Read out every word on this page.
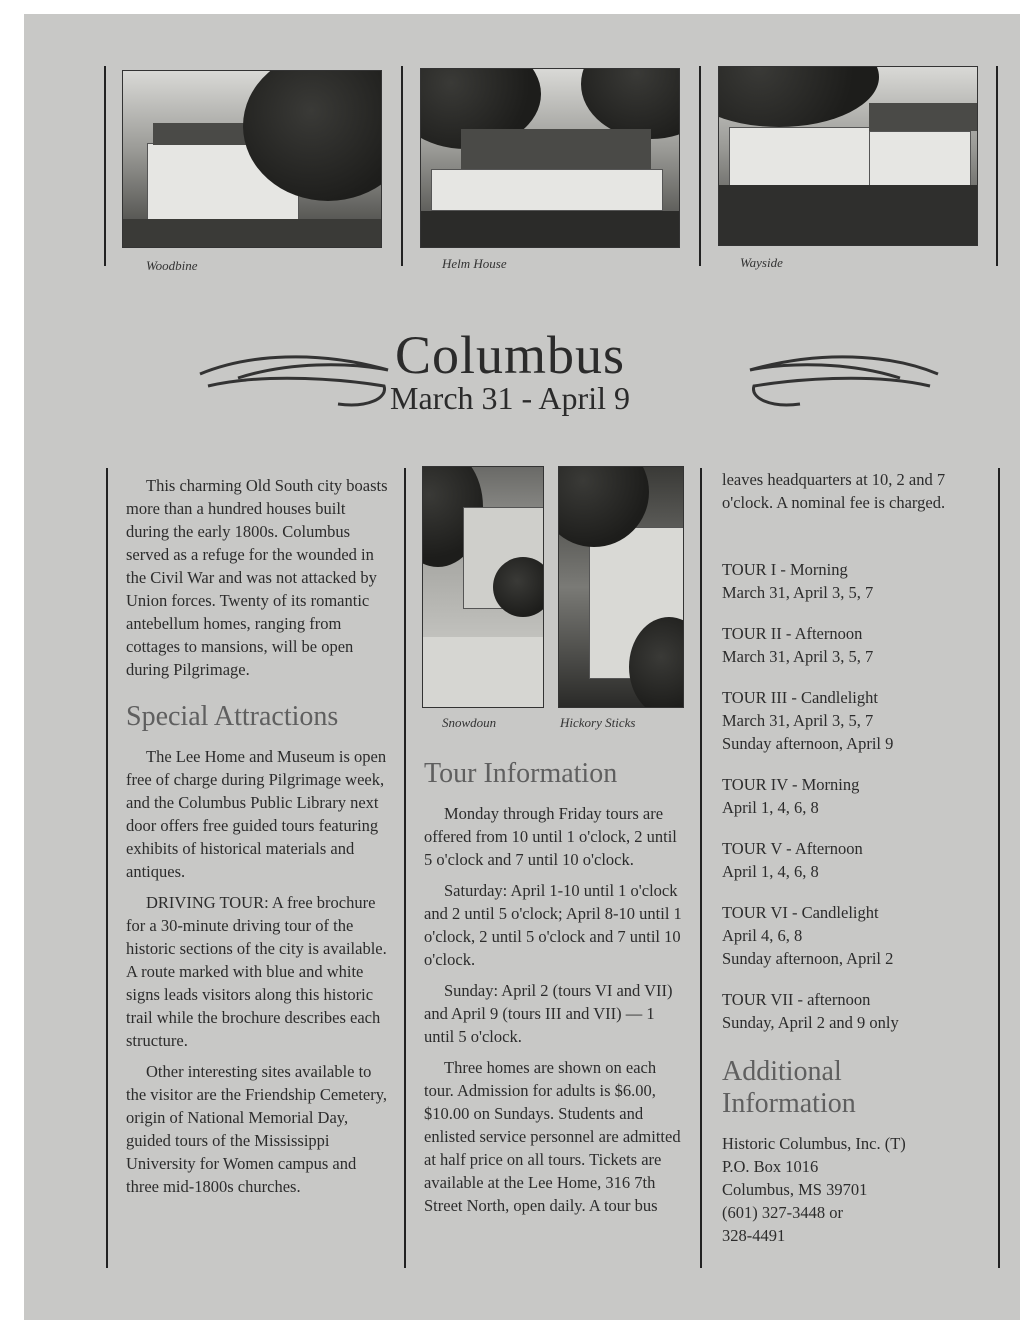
Woodbine	Helm House	Wayside
Columbus
March 31 - April 9

This charming Old South city boasts more than a hundred houses built during the early 1800s. Columbus served as a refuge for the wounded in the Civil War and was not attacked by Union forces. Twenty of its romantic antebellum homes, ranging from cottages to mansions, will be open during Pilgrimage.

Special Attractions

The Lee Home and Museum is open free of charge during Pilgrimage week, and the Columbus Public Library next door offers free guided tours featuring exhibits of historical materials and antiques.

DRIVING TOUR: A free brochure for a 30-minute driving tour of the historic sections of the city is available. A route marked with blue and white signs leads visitors along this historic trail while the brochure describes each structure.

Other interesting sites available to the visitor are the Friendship Cemetery, origin of National Memorial Day, guided tours of the Mississippi University for Women campus and three mid-1800s churches.

Snowdoun	Hickory Sticks
Tour Information

Monday through Friday tours are offered from 10 until 1 o'clock, 2 until 5 o'clock and 7 until 10 o'clock.

Saturday: April 1-10 until 1 o'clock and 2 until 5 o'clock; April 8-10 until 1 o'clock, 2 until 5 o'clock and 7 until 10 o'clock.

Sunday: April 2 (tours VI and VII) and April 9 (tours III and VII) — 1 until 5 o'clock.

Three homes are shown on each tour. Admission for adults is $6.00, $10.00 on Sundays. Students and enlisted service personnel are admitted at half price on all tours. Tickets are available at the Lee Home, 316 7th Street North, open daily. A tour bus

leaves headquarters at 10, 2 and 7 o'clock. A nominal fee is charged.

TOUR I - Morning
March 31, April 3, 5, 7
TOUR II - Afternoon
March 31, April 3, 5, 7
TOUR III - Candlelight
March 31, April 3, 5, 7
Sunday afternoon, April 9
TOUR IV - Morning
April 1, 4, 6, 8
TOUR V - Afternoon
April 1, 4, 6, 8
TOUR VI - Candlelight
April 4, 6, 8
Sunday afternoon, April 2
TOUR VII - afternoon
Sunday, April 2 and 9 only
Additional
Information
Historic Columbus, Inc. (T)
P.O. Box 1016
Columbus, MS 39701
(601) 327-3448 or
328-4491
